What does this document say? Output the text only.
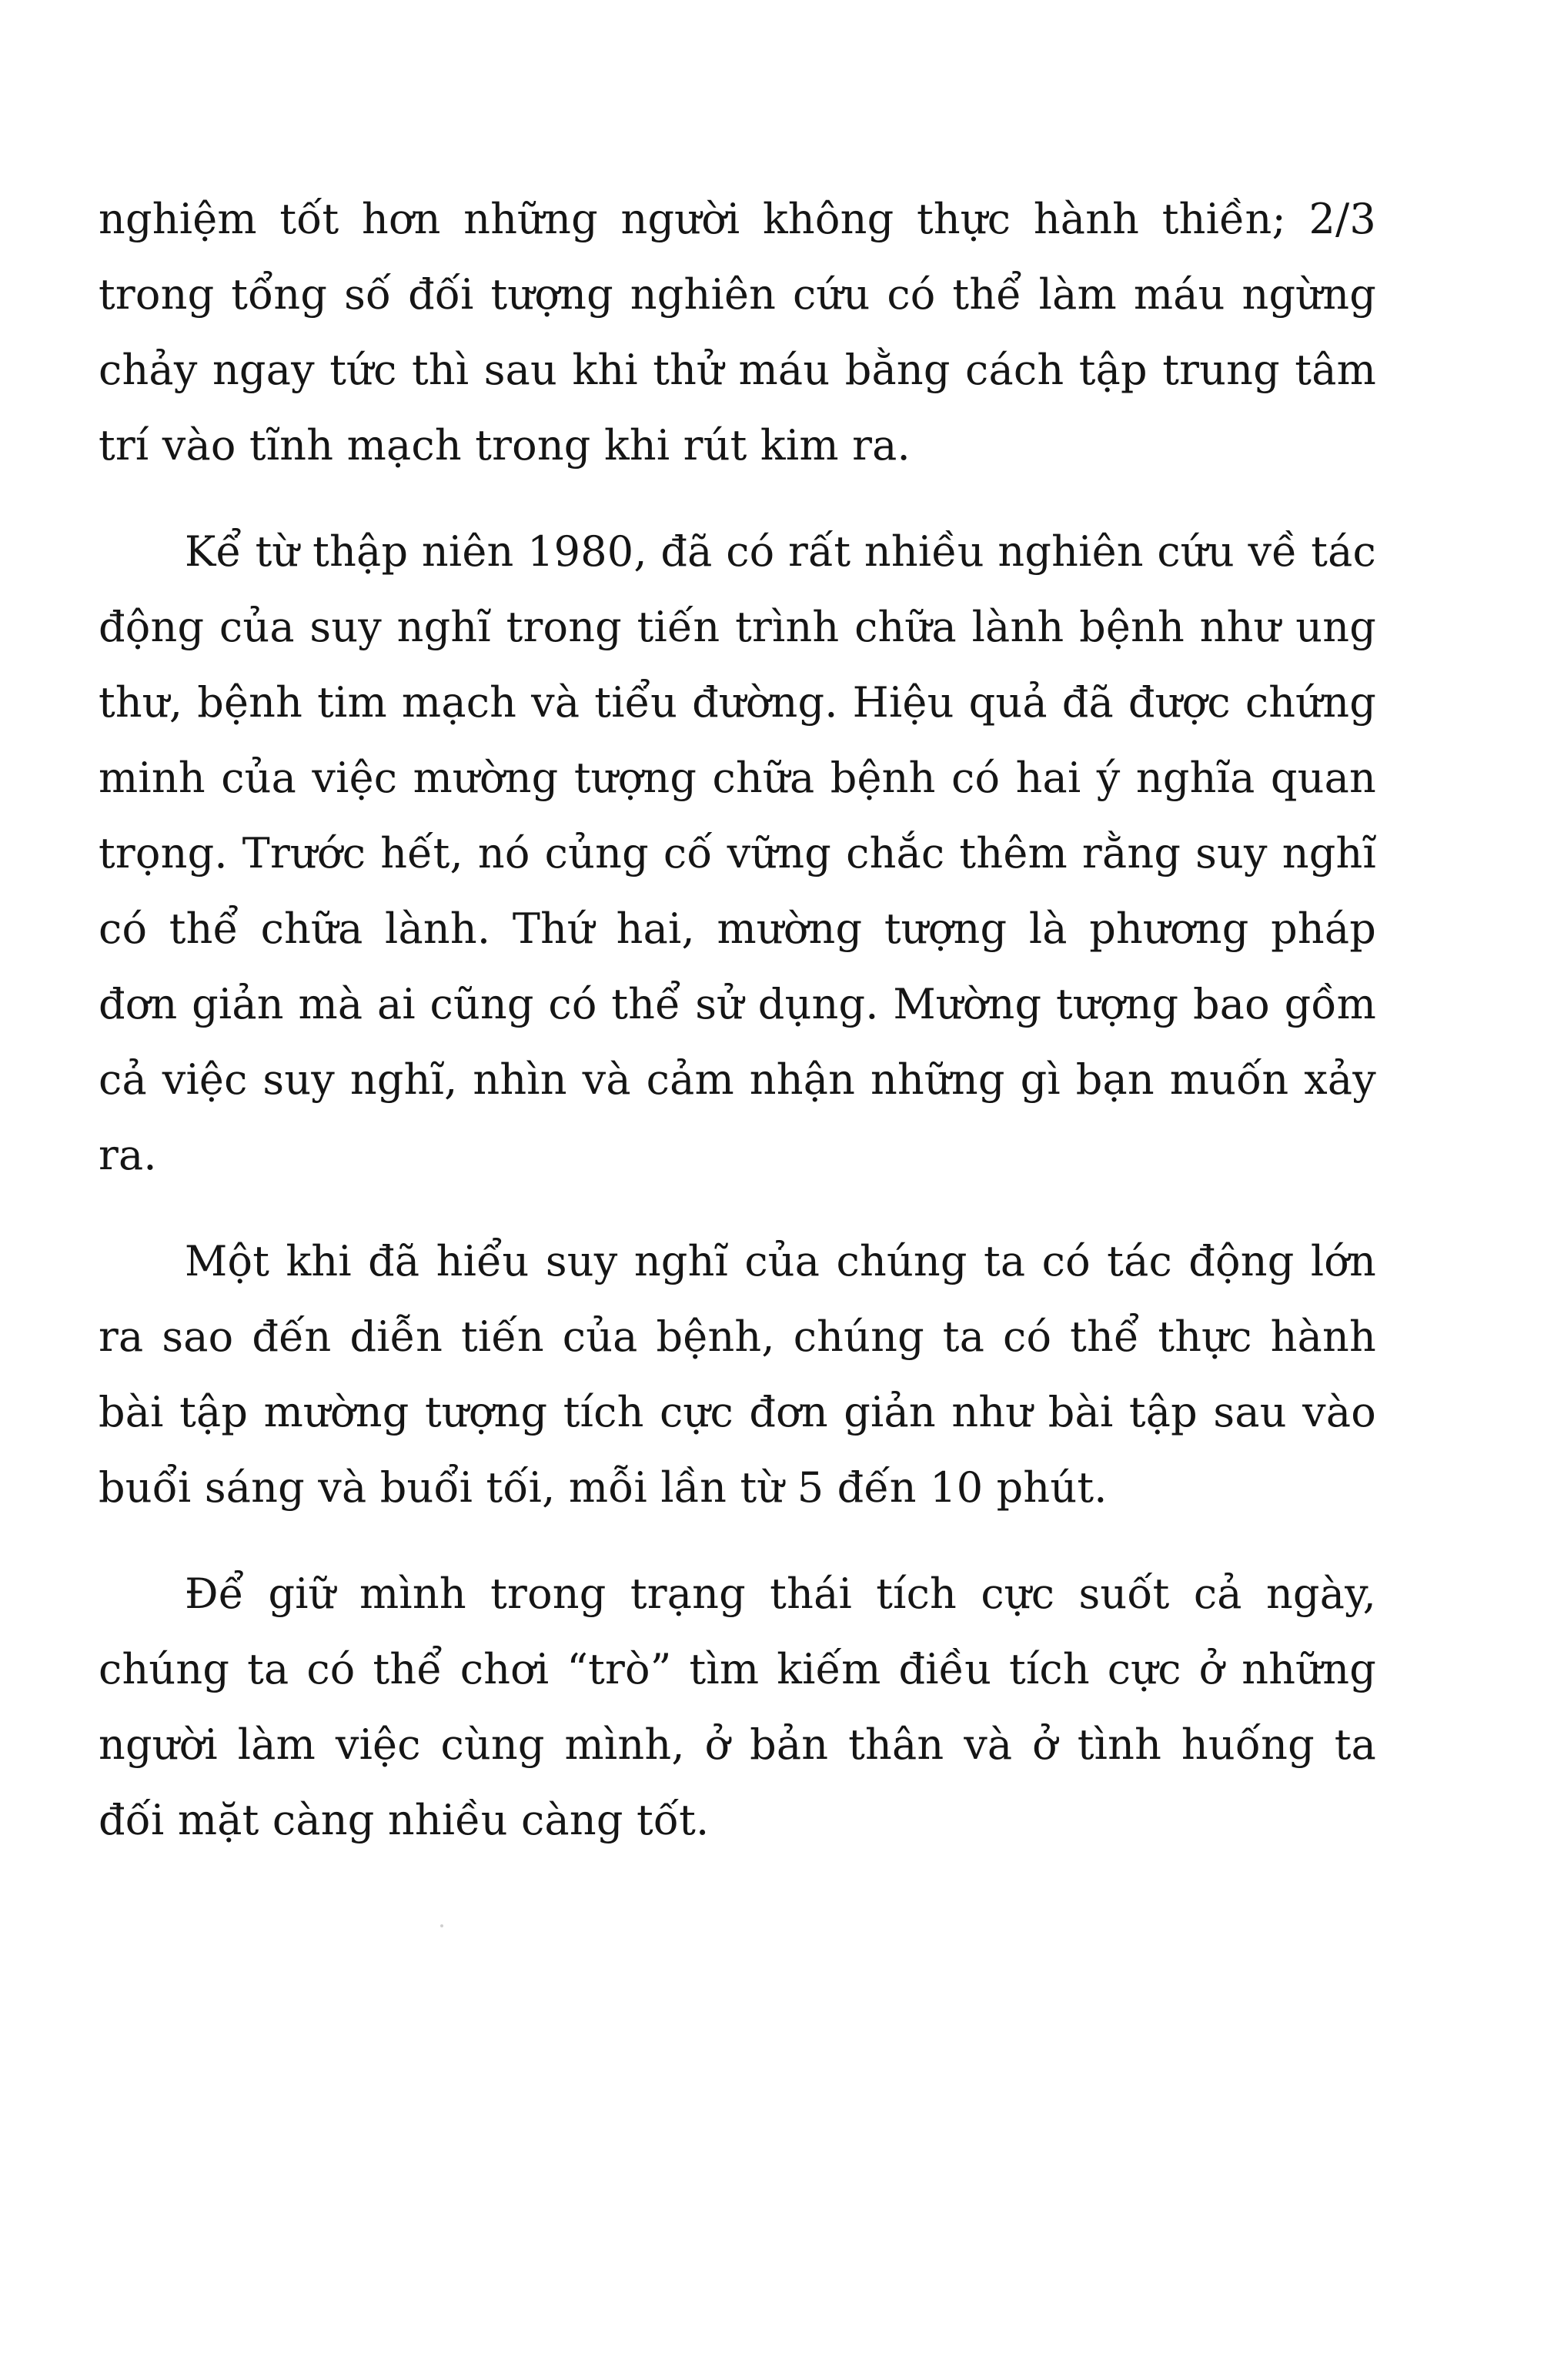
nghiệm tốt hơn những người không thực hành thiền; 2/3 trong tổng số đối tượng nghiên cứu có thể làm máu ngừng chảy ngay tức thì sau khi thử máu bằng cách tập trung tâm trí vào tĩnh mạch trong khi rút kim ra.

Kể từ thập niên 1980, đã có rất nhiều nghiên cứu về tác động của suy nghĩ trong tiến trình chữa lành bệnh như ung thư, bệnh tim mạch và tiểu đường. Hiệu quả đã được chứng minh của việc mường tượng chữa bệnh có hai ý nghĩa quan trọng. Trước hết, nó củng cố vững chắc thêm rằng suy nghĩ có thể chữa lành. Thứ hai, mường tượng là phương pháp đơn giản mà ai cũng có thể sử dụng. Mường tượng bao gồm cả việc suy nghĩ, nhìn và cảm nhận những gì bạn muốn xảy ra.

Một khi đã hiểu suy nghĩ của chúng ta có tác động lớn ra sao đến diễn tiến của bệnh, chúng ta có thể thực hành bài tập mường tượng tích cực đơn giản như bài tập sau vào buổi sáng và buổi tối, mỗi lần từ 5 đến 10 phút.

Để giữ mình trong trạng thái tích cực suốt cả ngày, chúng ta có thể chơi “trò” tìm kiếm điều tích cực ở những người làm việc cùng mình, ở bản thân và ở tình huống ta đối mặt càng nhiều càng tốt.
